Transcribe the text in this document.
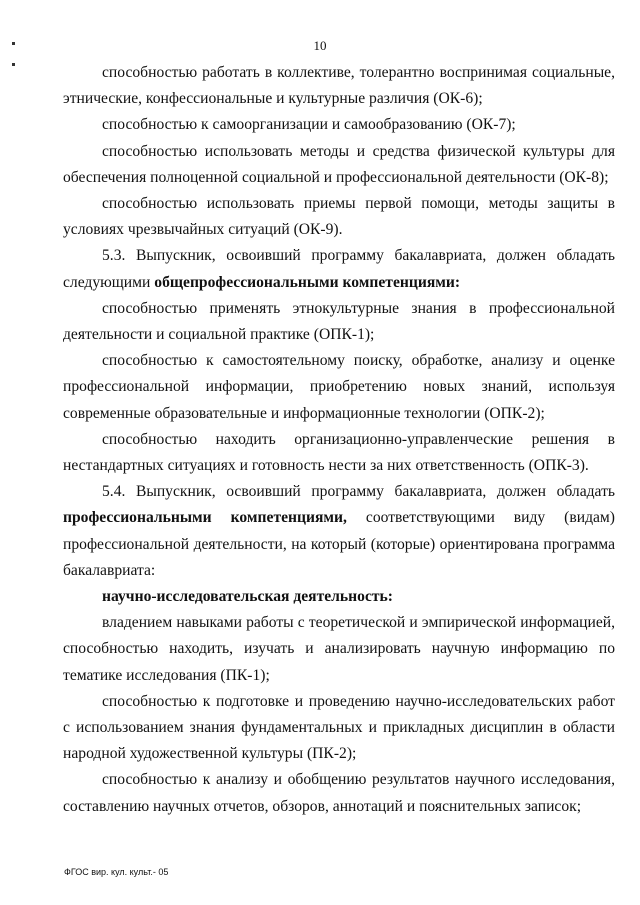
10

способностью работать в коллективе, толерантно воспринимая социальные, этнические, конфессиональные и культурные различия (ОК-6);

способностью к самоорганизации и самообразованию (ОК-7);

способностью использовать методы и средства физической культуры для обеспечения полноценной социальной и профессиональной деятельности (ОК-8);

способностью использовать приемы первой помощи, методы защиты в условиях чрезвычайных ситуаций (ОК-9).

5.3. Выпускник, освоивший программу бакалавриата, должен обладать следующими общепрофессиональными компетенциями:

способностью применять этнокультурные знания в профессиональной деятельности и социальной практике (ОПК-1);

способностью к самостоятельному поиску, обработке, анализу и оценке профессиональной информации, приобретению новых знаний, используя современные образовательные и информационные технологии (ОПК-2);

способностью находить организационно-управленческие решения в нестандартных ситуациях и готовность нести за них ответственность (ОПК-3).

5.4. Выпускник, освоивший программу бакалавриата, должен обладать профессиональными компетенциями, соответствующими виду (видам) профессиональной деятельности, на который (которые) ориентирована программа бакалавриата:

научно-исследовательская деятельность:

владением навыками работы с теоретической и эмпирической информацией, способностью находить, изучать и анализировать научную информацию по тематике исследования (ПК-1);

способностью к подготовке и проведению научно-исследовательских работ с использованием знания фундаментальных и прикладных дисциплин в области народной художественной культуры (ПК-2);

способностью к анализу и обобщению результатов научного исследования, составлению научных отчетов, обзоров, аннотаций и пояснительных записок;

ФГОС вир. кул. культ.- 05
